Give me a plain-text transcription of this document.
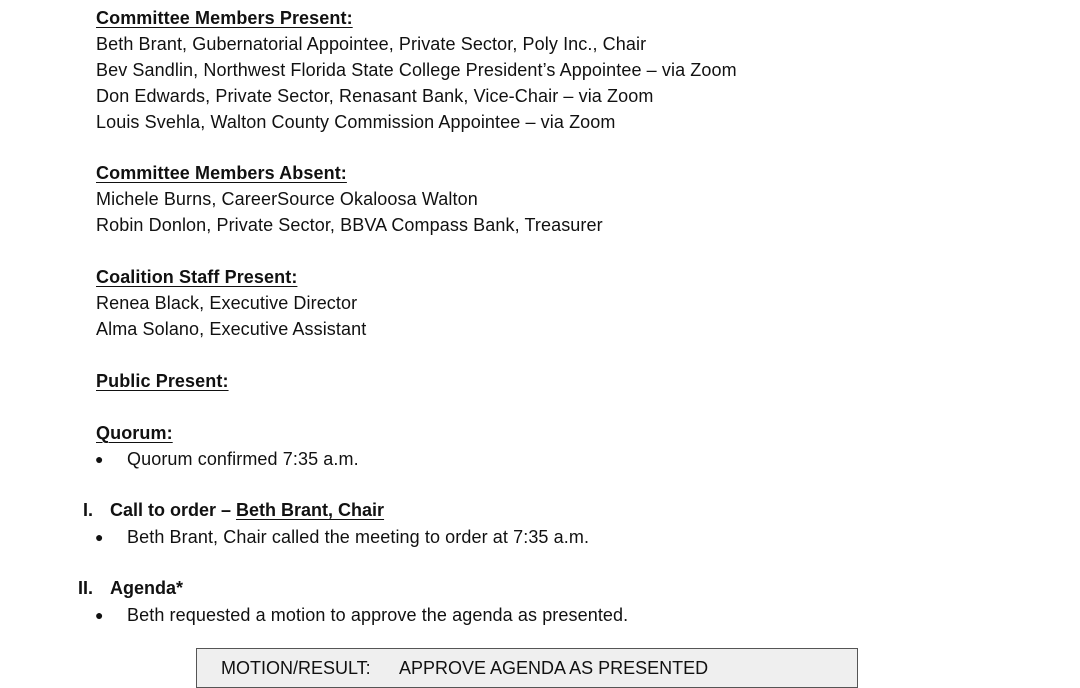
Committee Members Present:
Beth Brant, Gubernatorial Appointee, Private Sector, Poly Inc., Chair
Bev Sandlin, Northwest Florida State College President’s Appointee – via Zoom
Don Edwards, Private Sector, Renasant Bank, Vice-Chair – via Zoom
Louis Svehla, Walton County Commission Appointee – via Zoom
Committee Members Absent:
Michele Burns, CareerSource Okaloosa Walton
Robin Donlon, Private Sector, BBVA Compass Bank, Treasurer
Coalition Staff Present:
Renea Black, Executive Director
Alma Solano, Executive Assistant
Public Present:
Quorum:
● Quorum confirmed 7:35 a.m.
I. Call to order – Beth Brant, Chair
● Beth Brant, Chair called the meeting to order at 7:35 a.m.
II. Agenda*
● Beth requested a motion to approve the agenda as presented.
MOTION/RESULT: APPROVE AGENDA AS PRESENTED
